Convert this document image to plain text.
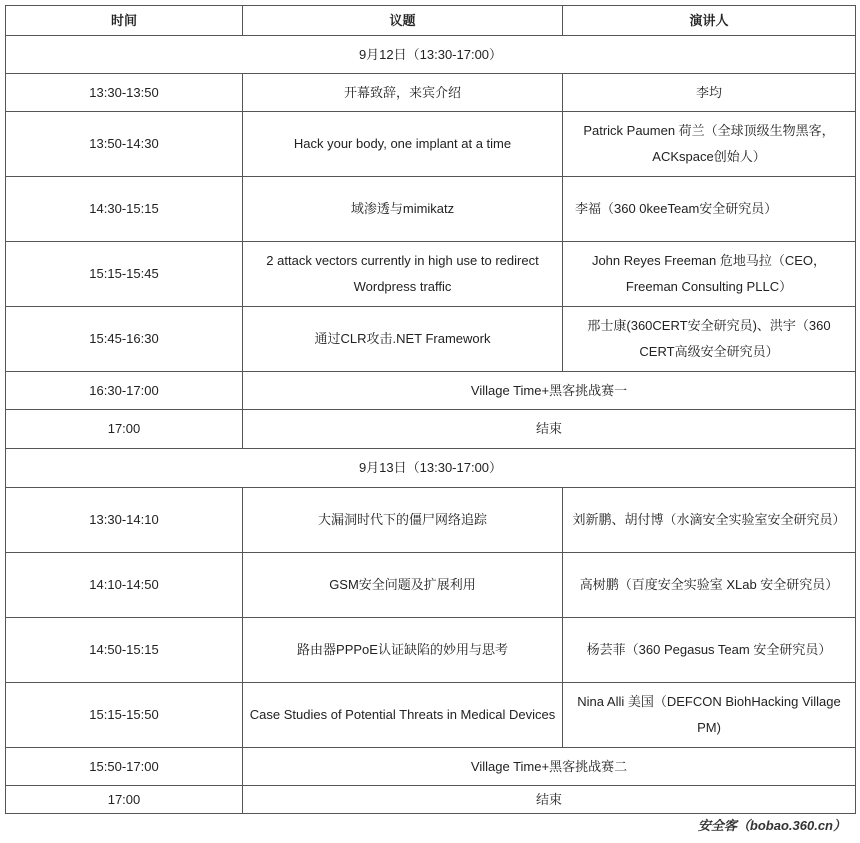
时间	议题	演讲人
9月12日（13:30-17:00）		
13:30-13:50	开幕致辞，来宾介绍	李均
13:50-14:30	Hack your body, one implant at a time	Patrick Paumen 荷兰（全球顶级生物黑客，ACKspace创始人）
14:30-15:15	域渗透与mimikatz	李福（360 0keeTeam安全研究员）
15:15-15:45	2 attack vectors currently in high use to redirect Wordpress traffic	John Reyes Freeman 危地马拉（CEO，Freeman Consulting PLLC）
15:45-16:30	通过CLR攻击.NET Framework	邢士康(360CERT安全研究员)、洪宇（360 CERT高级安全研究员）
16:30-17:00	Village Time+黑客挑战赛一	
17:00	结束	
9月13日（13:30-17:00）		
13:30-14:10	大漏洞时代下的僵尸网络追踪	刘新鹏、胡付博（水滴安全实验室安全研究员）
14:10-14:50	GSM安全问题及扩展利用	高树鹏（百度安全实验室 XLab 安全研究员）
14:50-15:15	路由器PPPoE认证缺陷的妙用与思考	杨芸菲（360 Pegasus Team 安全研究员）
15:15-15:50	Case Studies of Potential Threats in Medical Devices	Nina Alli 美国（DEFCON BiohHacking Village PM)
15:50-17:00	Village Time+黑客挑战赛二	
17:00	结束	
安全客（bobao.360.cn）
